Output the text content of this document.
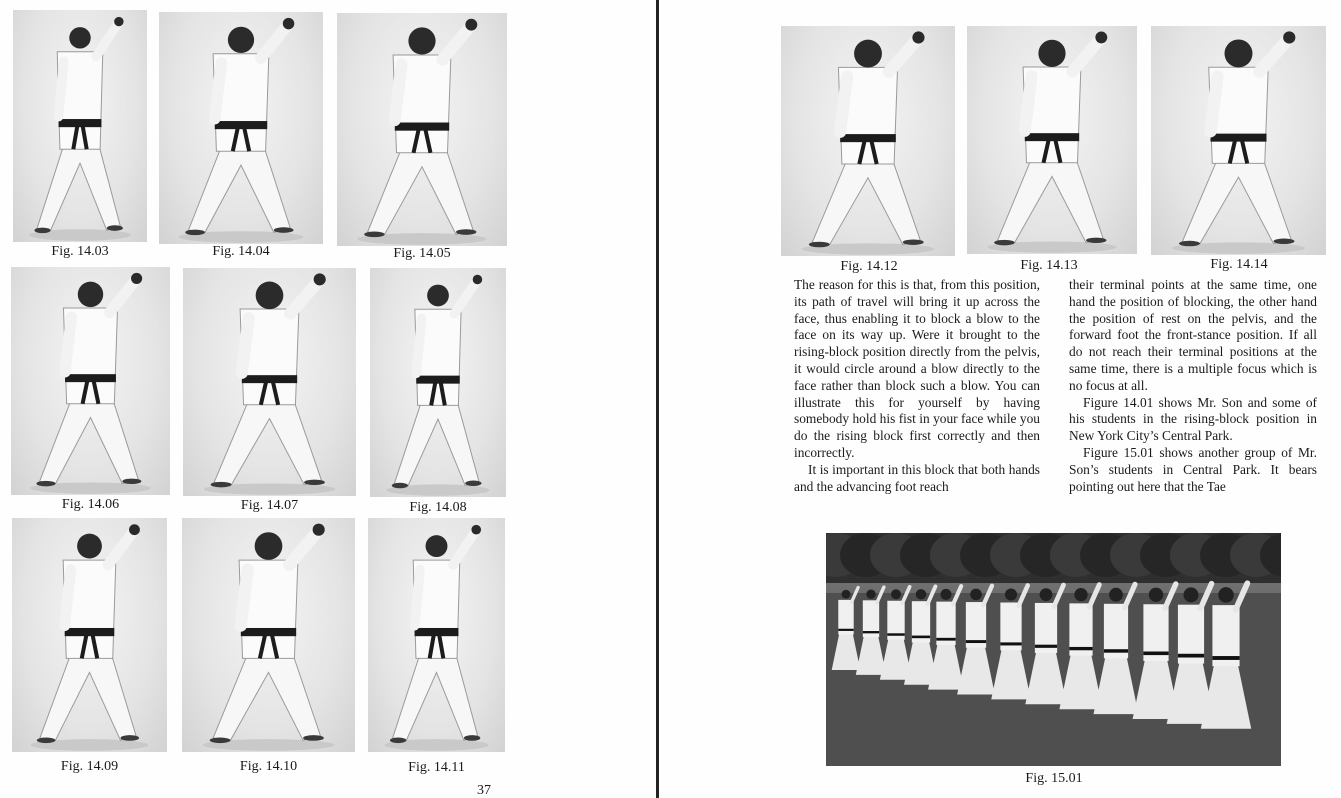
Fig. 14.03	Fig. 14.04	Fig. 14.05
Fig. 14.06	Fig. 14.07	Fig. 14.08
Fig. 14.09	Fig. 14.10	Fig. 14.11
37
Fig. 14.12	Fig. 14.13	Fig. 14.14

The reason for this is that, from this position, its path of travel will bring it up across the face, thus enabling it to block a blow to the face on its way up. Were it brought to the rising-block position directly from the pelvis, it would circle around a blow directly to the face rather than block such a blow. You can illustrate this for yourself by having somebody hold his fist in your face while you do the rising block first correctly and then incorrectly.

It is important in this block that both hands and the advancing foot reach

their terminal points at the same time, one hand the position of blocking, the other hand the position of rest on the pelvis, and the forward foot the front-stance position. If all do not reach their terminal positions at the same time, there is a multiple focus which is no focus at all.

Figure 14.01 shows Mr. Son and some of his students in the rising-block position in New York City’s Central Park.

Figure 15.01 shows another group of Mr. Son’s students in Central Park. It bears pointing out here that the Tae

Fig. 15.01
